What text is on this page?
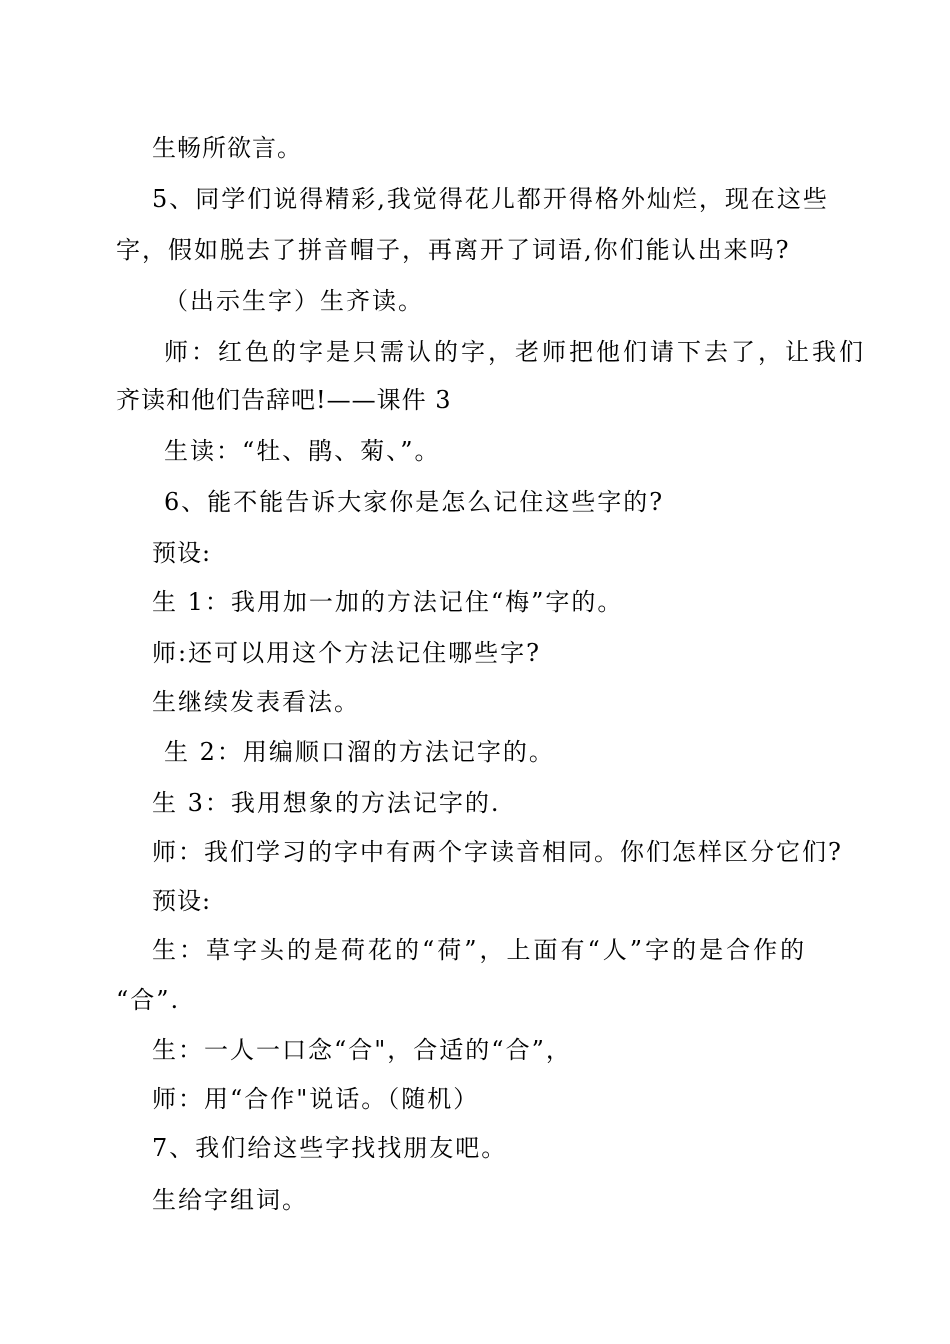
生畅所欲言。
5、同学们说得精彩,我觉得花儿都开得格外灿烂，现在这些
字，假如脱去了拼音帽子，再离开了词语,你们能认出来吗?
（出示生字）生齐读。
师：红色的字是只需认的字，老师把他们请下去了，让我们
齐读和他们告辞吧!——课件 3
生读：“牡、鹃、菊、”。
6、能不能告诉大家你是怎么记住这些字的?
预设:
生 1：我用加一加的方法记住“梅”字的。
师:还可以用这个方法记住哪些字?
生继续发表看法。
生 2：用编顺口溜的方法记字的。
生 3：我用想象的方法记字的.
师：我们学习的字中有两个字读音相同。你们怎样区分它们?
预设:
生：草字头的是荷花的“荷”，上面有“人”字的是合作的
“合”.
生：一人一口念“合"，合适的“合”，
师：用“合作"说话。（随机）
7、我们给这些字找找朋友吧。
生给字组词。
